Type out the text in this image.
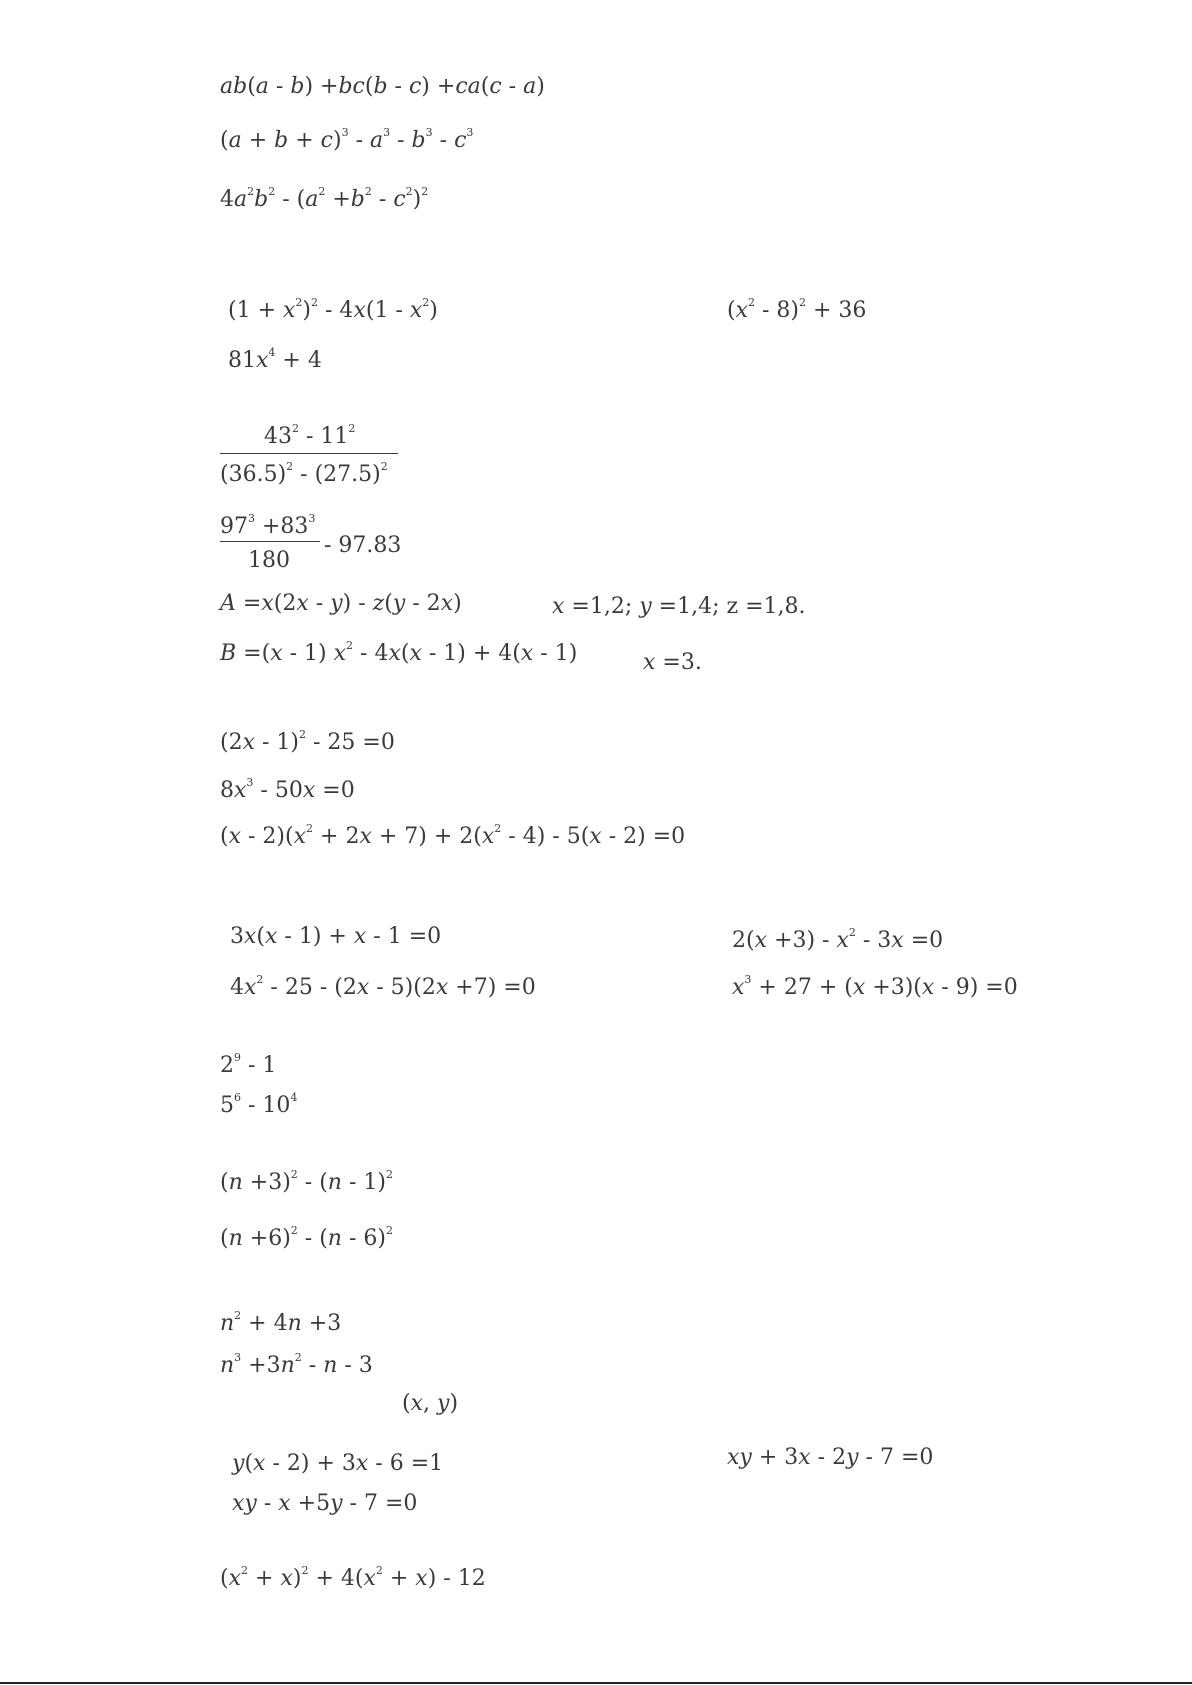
ab(a - b) +bc(b - c) +ca(c - a)
$(a + b + c)^3 - a^3 - b^3 - c^3$
$4a^2b^2 - (a^2 +b^2 - c^2)^2$
$(1 + x^2)^2 - 4x(1 - x^2)$	$(x^2 - 8)^2 + 36$
$81x^4 + 4$
$43^2 - 11^2$
$(36.5)^2 - (27.5)^2$
$97^3 +83^3$
180
- 97.83
A =x(2x - y) - z(y - 2x)	x =1,2; y =1,4; z =1,8.
B =(x - 1) $x^2 - 4x(x - 1) + 4(x - 1)$	x =3.
(2x - 1)$^2$ - 25 =0
$8x^3 - 50x =0$
$(x - 2)(x^2 + 2x + 7) + 2(x^2 - 4) - 5(x - 2) =0$
3x(x - 1) + x - 1 =0	$2(x +3) - x^2 - 3x =0$
$4x^2 - 25 - (2x - 5)(2x +7) =0$	$x^3 + 27 + (x +3)(x - 9) =0$
$2^9 - 1$
$5^6 - 10^4$
$(n +3)^2 - (n - 1)^2$
$(n +6)^2 - (n - 6)^2$
$n^2 + 4n +3$
$n^3 +3n^2 - n - 3$
(x, y)
y(x - 2) + 3x - 6 =1	xy + 3x - 2y - 7 =0
xy - x +5y - 7 =0
$(x^2 + x)^2 + 4(x^2 + x) - 12$
